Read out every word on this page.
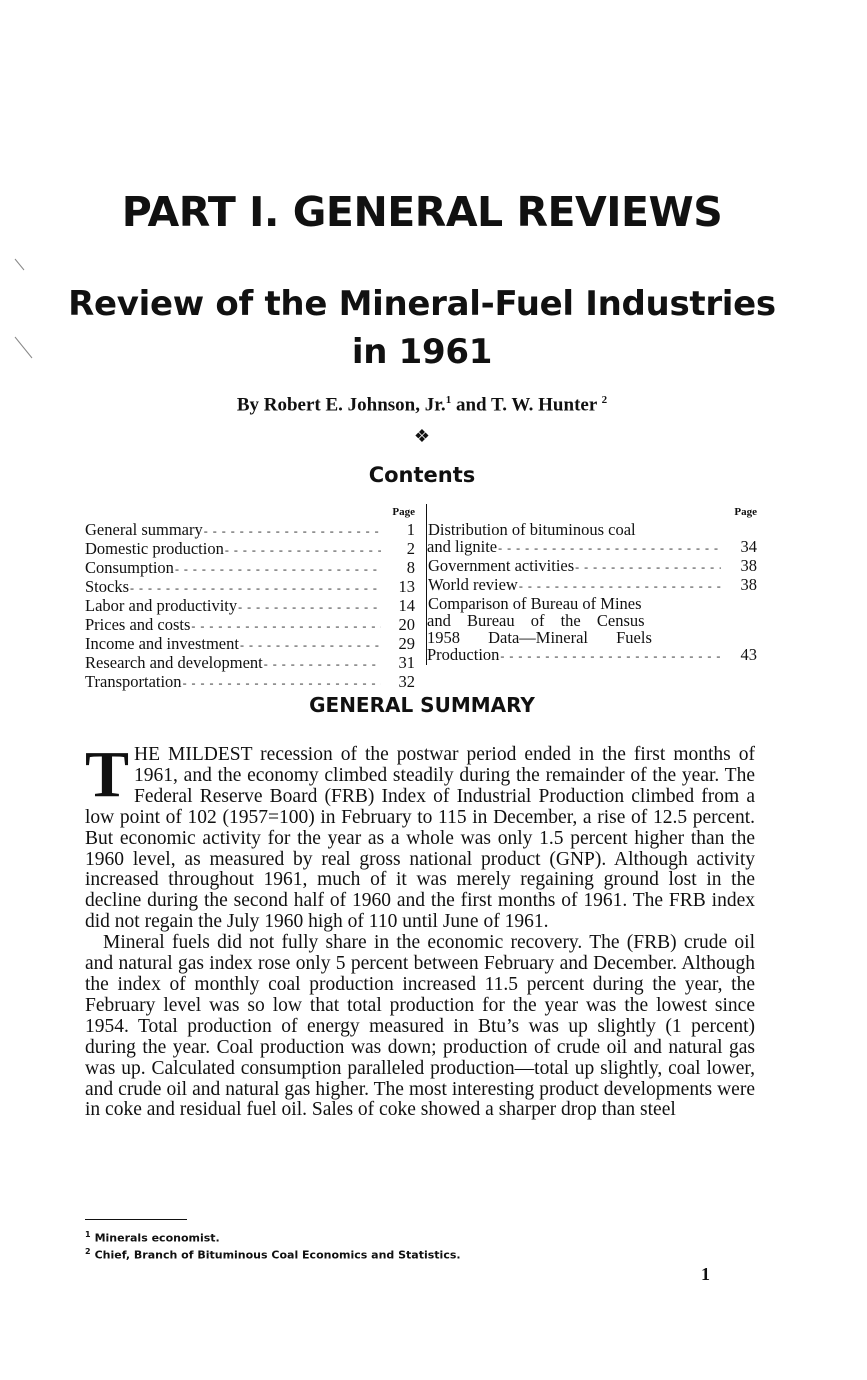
PART I. GENERAL REVIEWS
Review of the Mineral-Fuel Industries
in 1961
By Robert E. Johnson, Jr.$^1$ and T. W. Hunter $^2$
❖
Contents
Page
General summary - - -	1
Domestic production - - -	2
Consumption - - -	8
Stocks - - -	13
Labor and productivity - - -	14
Prices and costs - - -	20
Income and investment - - -	29
Research and development - - -	31
Transportation - - -	32
Page
Distribution of bituminous coal
and lignite - - -	34
Government activities - - -	38
World review - - -	38
Comparison of Bureau of Mines
and Bureau of the Census
1958 Data—Mineral Fuels
Production - - -	43
GENERAL SUMMARY

THE MILDEST recession of the postwar period ended in the first months of 1961, and the economy climbed steadily during the remainder of the year. The Federal Reserve Board (FRB) Index of Industrial Production climbed from a low point of 102 (1957=100) in February to 115 in December, a rise of 12.5 percent. But economic activity for the year as a whole was only 1.5 percent higher than the 1960 level, as measured by real gross national product (GNP). Although activity increased throughout 1961, much of it was merely regaining ground lost in the decline during the second half of 1960 and the first months of 1961. The FRB index did not regain the July 1960 high of 110 until June of 1961.

Mineral fuels did not fully share in the economic recovery. The (FRB) crude oil and natural gas index rose only 5 percent between February and December. Although the index of monthly coal production increased 11.5 percent during the year, the February level was so low that total production for the year was the lowest since 1954. Total production of energy measured in Btu’s was up slightly (1 percent) during the year. Coal production was down; production of crude oil and natural gas was up. Calculated consumption paralleled production—total up slightly, coal lower, and crude oil and natural gas higher. The most interesting product developments were in coke and residual fuel oil. Sales of coke showed a sharper drop than steel

$^1$ Minerals economist.
$^2$ Chief, Branch of Bituminous Coal Economics and Statistics.
1
